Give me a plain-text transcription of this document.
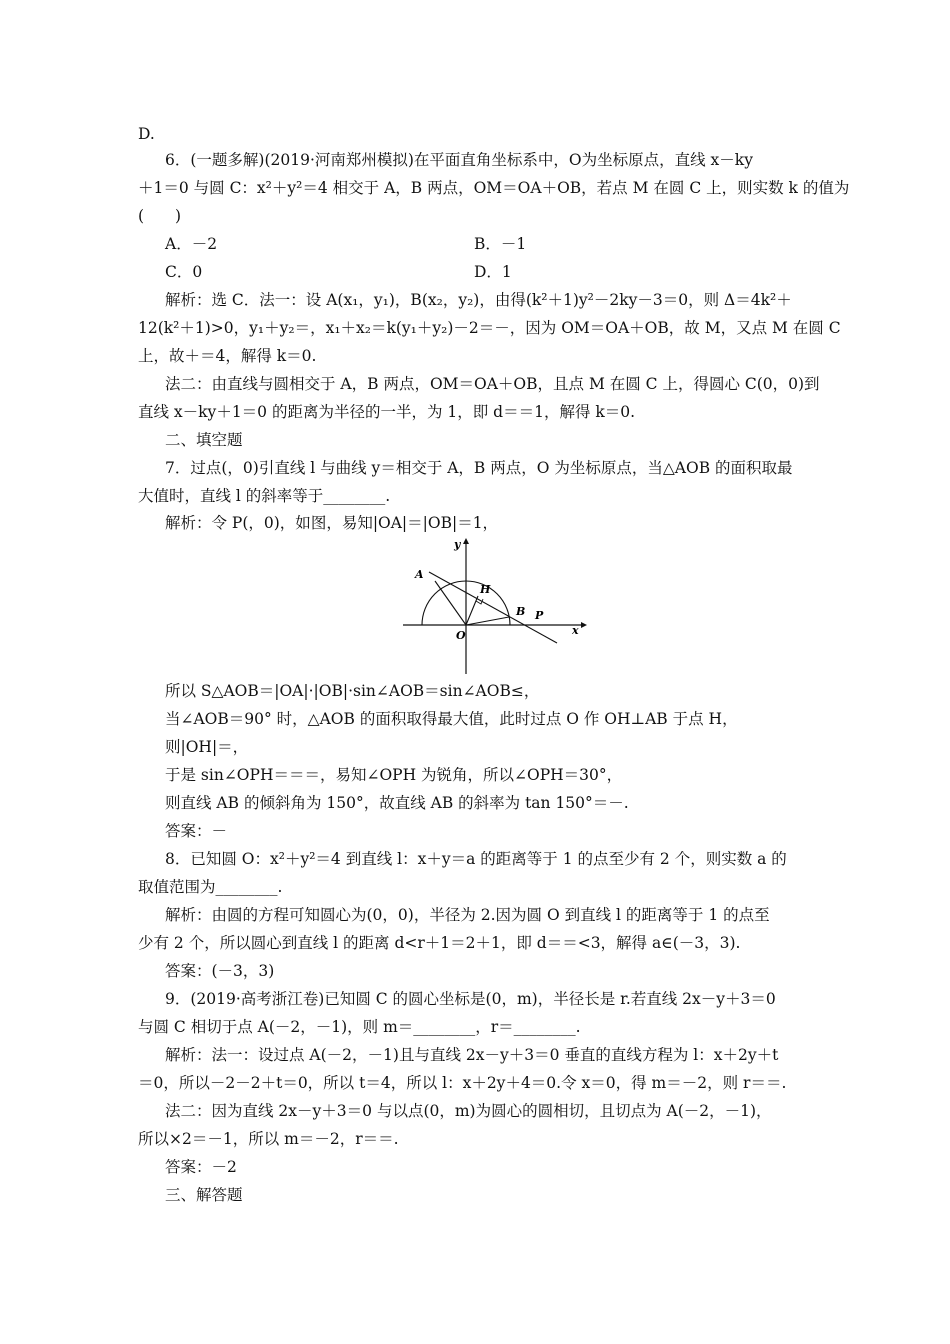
D.
6．(一题多解)(2019·河南郑州模拟)在平面直角坐标系中，O为坐标原点，直线 x－ky
＋1＝0 与圆 C：x²＋y²＝4 相交于 A，B 两点，OM＝OA＋OB，若点 M 在圆 C 上，则实数 k 的值为
(　　)
A．－2	B．－1
C．0	D．1
解析：选 C．法一：设 A(x₁，y₁)，B(x₂，y₂)，由得(k²＋1)y²－2ky－3＝0，则 Δ＝4k²＋
12(k²＋1)>0，y₁＋y₂＝，x₁＋x₂＝k(y₁＋y₂)－2＝－，因为 OM＝OA＋OB，故 M，又点 M 在圆 C
上，故＋＝4，解得 k＝0.
法二：由直线与圆相交于 A，B 两点，OM＝OA＋OB，且点 M 在圆 C 上，得圆心 C(0，0)到
直线 x－ky＋1＝0 的距离为半径的一半，为 1，即 d＝＝1，解得 k＝0.
二、填空题
7．过点(，0)引直线 l 与曲线 y＝相交于 A，B 两点，O 为坐标原点，当△AOB 的面积取最
大值时，直线 l 的斜率等于________.
解析：令 P(，0)，如图，易知|OA|＝|OB|＝1，
y
x
A
H
B P
O
所以 S△AOB＝|OA|·|OB|·sin∠AOB＝sin∠AOB≤，
当∠AOB＝90° 时，△AOB 的面积取得最大值，此时过点 O 作 OH⊥AB 于点 H，
则|OH|＝，
于是 sin∠OPH＝＝＝，易知∠OPH 为锐角，所以∠OPH＝30°，
则直线 AB 的倾斜角为 150°，故直线 AB 的斜率为 tan 150°＝－.
答案：－
8．已知圆 O：x²＋y²＝4 到直线 l：x＋y＝a 的距离等于 1 的点至少有 2 个，则实数 a 的
取值范围为________.
解析：由圆的方程可知圆心为(0，0)，半径为 2.因为圆 O 到直线 l 的距离等于 1 的点至
少有 2 个，所以圆心到直线 l 的距离 d<r＋1＝2＋1，即 d＝＝<3，解得 a∈(－3，3).
答案：(－3，3)
9．(2019·高考浙江卷)已知圆 C 的圆心坐标是(0，m)，半径长是 r.若直线 2x－y＋3＝0
与圆 C 相切于点 A(－2，－1)，则 m＝________，r＝________.
解析：法一：设过点 A(－2，－1)且与直线 2x－y＋3＝0 垂直的直线方程为 l：x＋2y＋t
＝0，所以－2－2＋t＝0，所以 t＝4，所以 l：x＋2y＋4＝0.令 x＝0，得 m＝－2，则 r＝＝.
法二：因为直线 2x－y＋3＝0 与以点(0，m)为圆心的圆相切，且切点为 A(－2，－1)，
所以×2＝－1，所以 m＝－2，r＝＝.
答案：－2
三、解答题
